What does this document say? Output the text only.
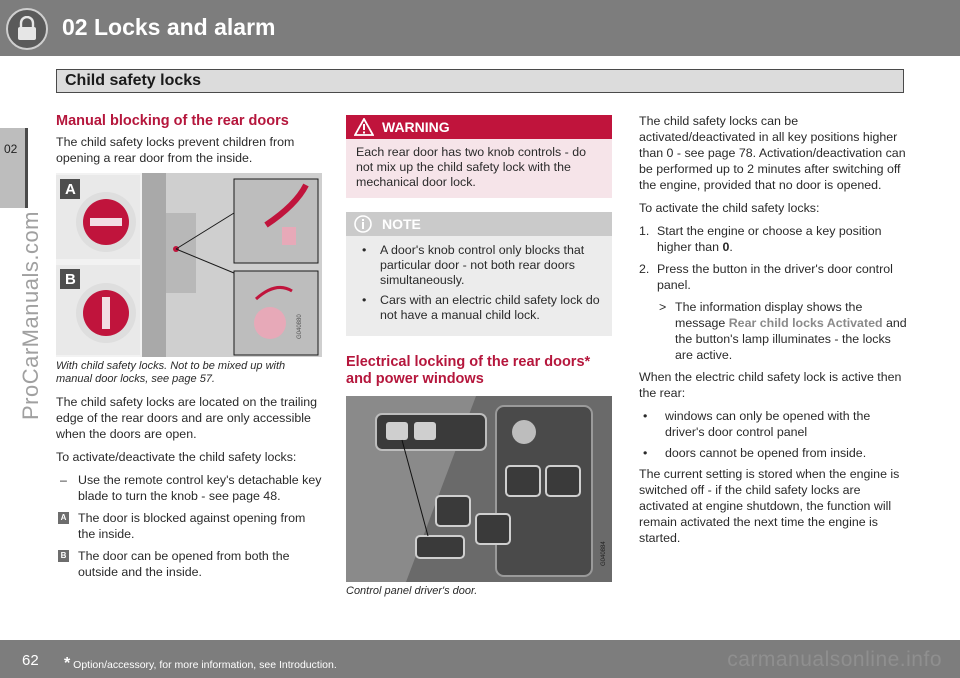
02 Locks and alarm
Child safety locks
02
ProCarManuals.com
Manual blocking of the rear doors

The child safety locks prevent children from opening a rear door from the inside.

A
B
G040880
With child safety locks. Not to be mixed up with manual door locks, see page 57.

The child safety locks are located on the trailing edge of the rear doors and are only accessible when the doors are open.

To activate/deactivate the child safety locks:

– Use the remote control key's detachable key blade to turn the knob - see page 48.
A The door is blocked against opening from the inside.
B The door can be opened from both the outside and the inside.
WARNING
Each rear door has two knob controls - do not mix up the child safety lock with the mechanical door lock.
NOTE
• A door's knob control only blocks that particular door - not both rear doors simultaneously.
• Cars with an electric child safety lock do not have a manual child lock.
Electrical locking of the rear doors* and power windows
G040884
Control panel driver's door.

The child safety locks can be activated/deactivated in all key positions higher than 0 - see page 78. Activation/deactivation can be performed up to 2 minutes after switching off the engine, provided that no door is opened.

To activate the child safety locks:

1. Start the engine or choose a key position higher than 0.
2. Press the button in the driver's door control panel.
> The information display shows the message Rear child locks Activated and the button's lamp illuminates - the locks are active.

When the electric child safety lock is active then the rear:

• windows can only be opened with the driver's door control panel
• doors cannot be opened from inside.

The current setting is stored when the engine is switched off - if the child safety locks are activated at engine shutdown, the function will remain activated the next time the engine is started.

62 * Option/accessory, for more information, see Introduction.	carmanualsonline.info
